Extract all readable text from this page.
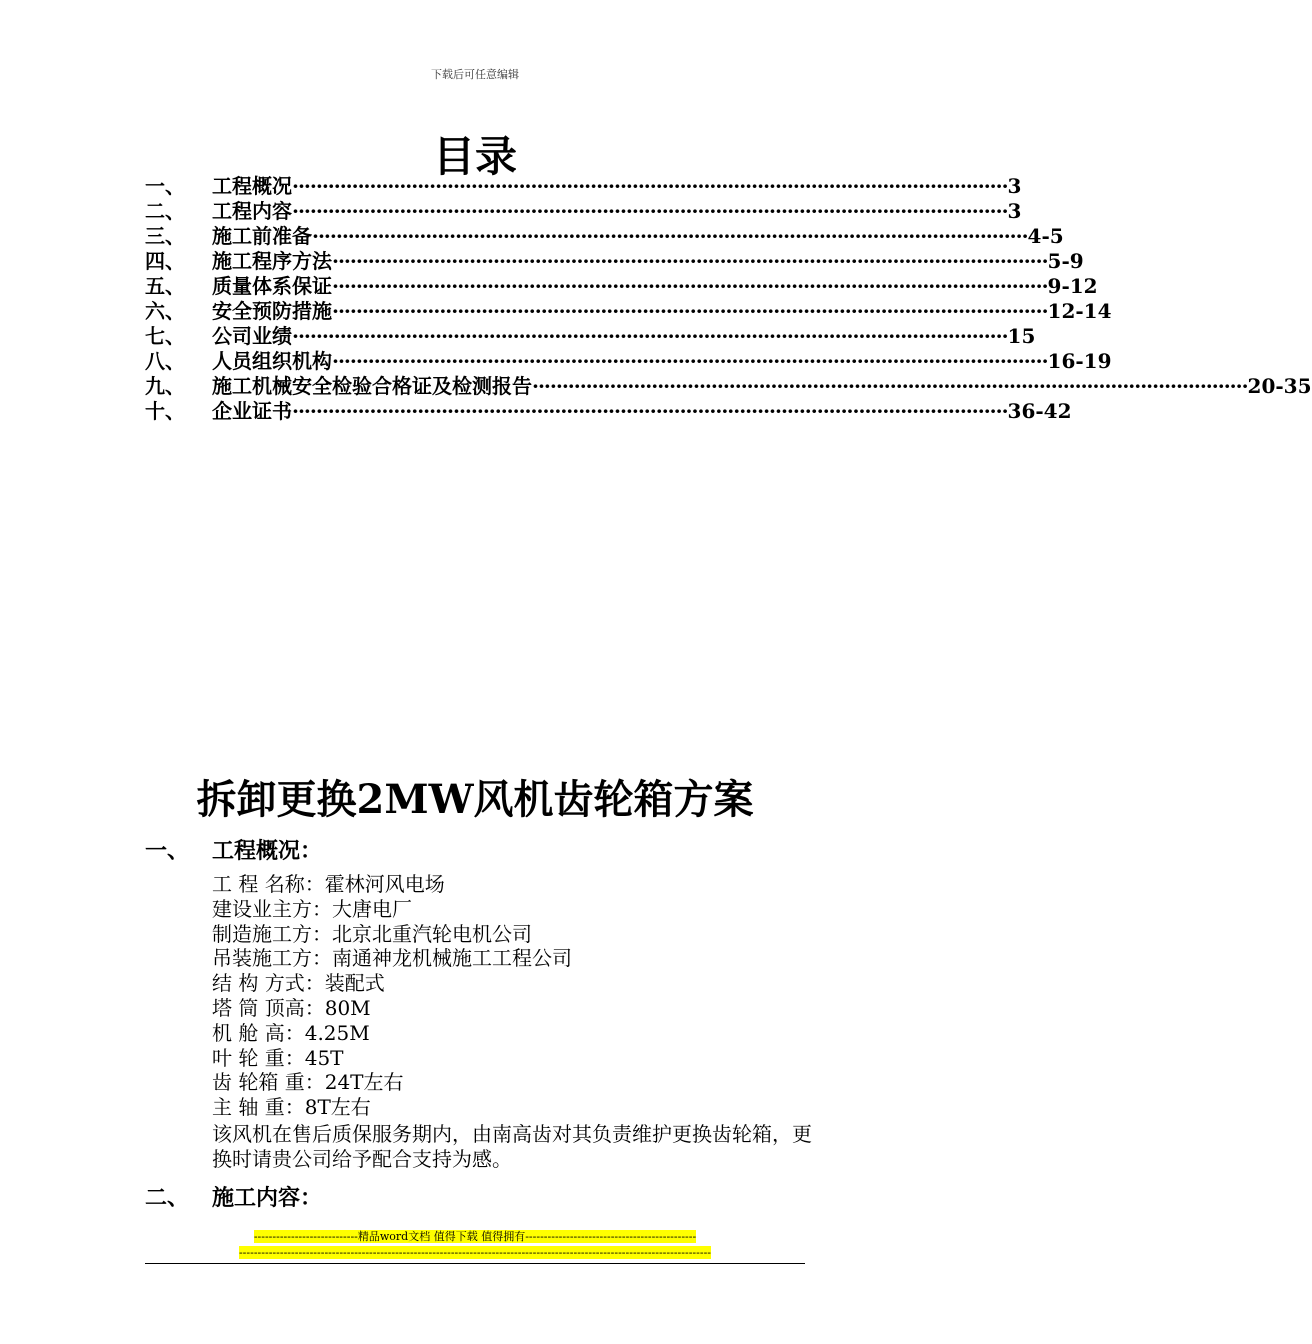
下载后可任意编辑
目录
一、	工程概况 ························································································································ 3
二、	工程内容 ························································································································ 3
三、	施工前准备 ························································································································ 4-5
四、	施工程序方法 ························································································································ 5-9
五、	质量体系保证 ························································································································ 9-12
六、	安全预防措施 ························································································································ 12-14
七、	公司业绩 ························································································································ 15
八、	人员组织机构 ························································································································ 16-19
九、	施工机械安全检验合格证及检测报告 ························································································································ 20-35
十、	企业证书 ························································································································ 36-42
拆卸更换2MW风机齿轮箱方案
一、	工程概况：
工 程 名称：霍林河风电场
建设业主方：大唐电厂
制造施工方：北京北重汽轮电机公司
吊装施工方：南通神龙机械施工工程公司
结 构 方式：装配式
塔 筒 顶高：80M
机 舱 高：4.25M
叶 轮 重：45T
齿 轮箱 重：24T左右
主 轴 重：8T左右
该风机在售后质保服务期内，由南高齿对其负责维护更换齿轮箱，更换时请贵公司给予配合支持为感。
二、	施工内容：
----------------------------精品word文档 值得下载 值得拥有----------------------------------------------
-------------------------------------------------------------------------------------------------------------------------------
